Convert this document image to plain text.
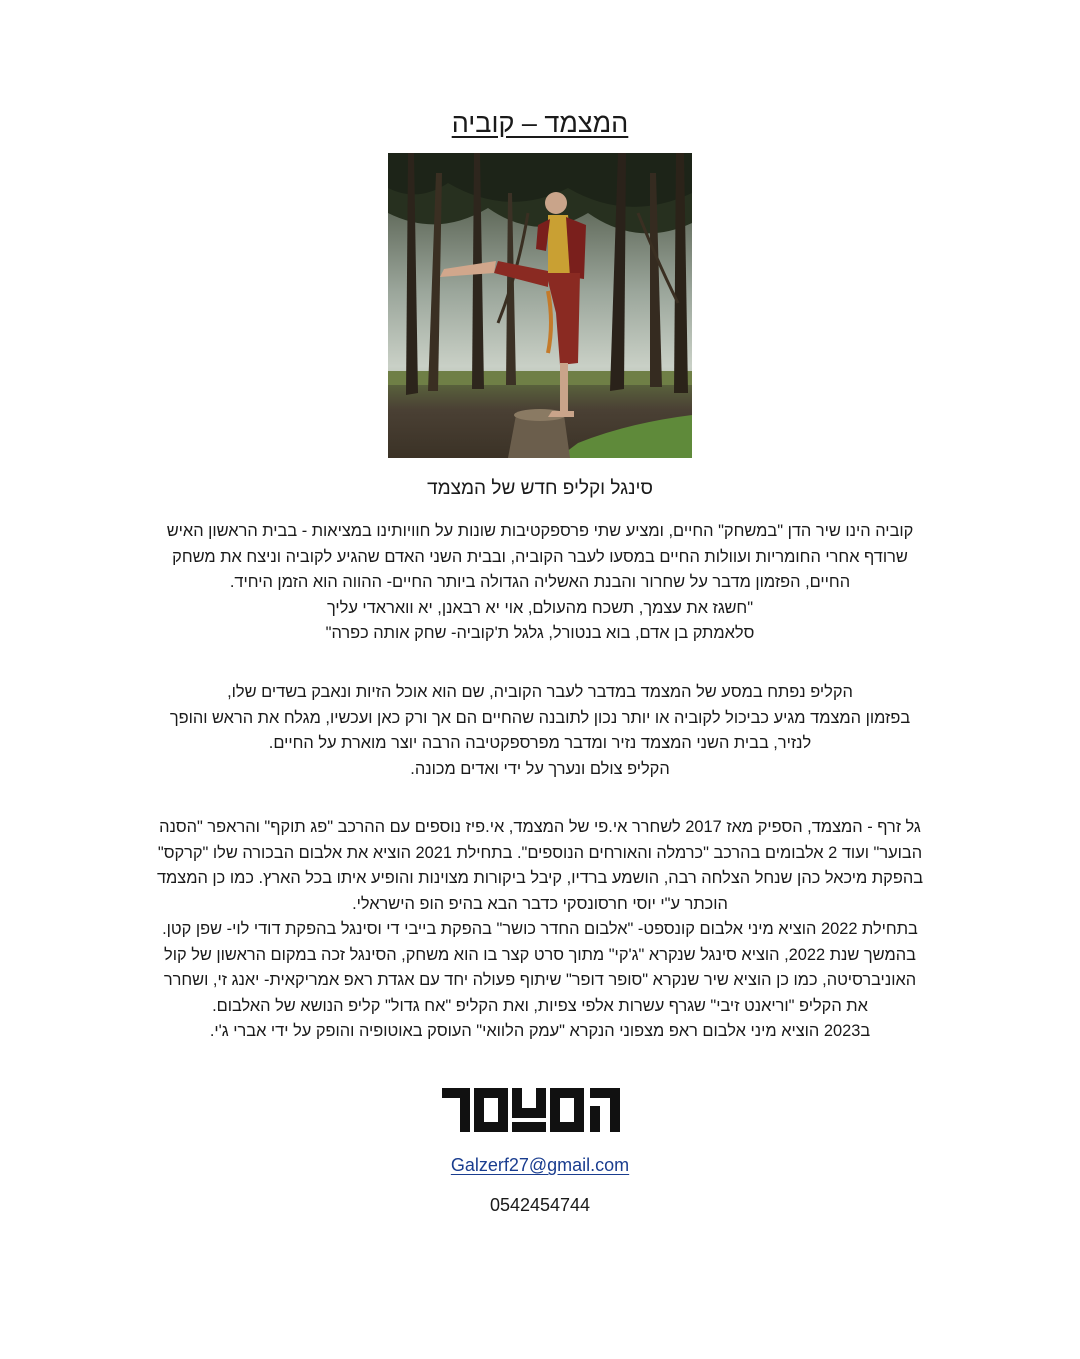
המצמד – קוביה
סינגל וקליפ חדש של המצמד
קוביה הינו שיר הדן "במשחק" החיים, ומציע שתי פרספקטיבות שונות על חוויותינו במציאות - בבית הראשון האיש
שרודף אחרי החומריות ועוולות החיים במסעו לעבר הקוביה, ובבית השני האדם שהגיע לקוביה וניצח את משחק
החיים, הפזמון מדבר על שחרור והבנת האשליה הגדולה ביותר החיים- ההווה הוא הזמן היחיד.
"חשגז את עצמך, תשכח מהעולם, אוי יא רבאנן, יא וואראדי עליך
סלאמתק בן אדם, בוא בנטורל, גלגל ת'קוביה- שחק אותה כפרה"
הקליפ נפתח במסע של המצמד במדבר לעבר הקוביה, שם הוא אוכל הזיות ונאבק בשדים שלו,
בפזמון המצמד מגיע כביכול לקוביה או יותר נכון לתובנה שהחיים הם אך ורק כאן ועכשיו, מגלח את הראש והופך
לנזיר, בבית השני המצמד נזיר ומדבר מפרספקטיבה הרבה יוצר מוארת על החיים.
הקליפ צולם ונערך על ידי ואדים מכונה.
גל זרף - המצמד, הספיק מאז 2017 לשחרר אי.פי של המצמד, אי.פיז נוספים עם ההרכב "פג תוקף" והראפר "הסנה
הבוער" ועוד 2 אלבומים בהרכב "כרמלה והאורחים הנוספים". בתחילת 2021 הוציא את אלבום הבכורה שלו "קרקס"
בהפקת מיכאל כהן שנחל הצלחה רבה, הושמע ברדיו, קיבל ביקורות מצוינות והופיע איתו בכל הארץ. כמו כן המצמד
הוכתר ע"י יוסי חרסונסקי כדבר הבא בהיפ הופ הישראלי.
בתחילת 2022 הוציא מיני אלבום קונספט- "אלבום החדר כושר" בהפקת בייבי די וסינגל בהפקת דודי לוי- שפן קטן.
בהמשך שנת 2022, הוציא סינגל שנקרא "ג'קי" מתוך סרט קצר בו הוא משחק, הסינגל זכה במקום הראשון של קול
האוניברסיטה, כמו כן הוציא שיר שנקרא "סופר דופר" שיתוף פעולה יחד עם אגדת ראפ אמריקאית- יאנג זי, ושחרר
את הקליפ "וריאנט זיבי" שגרף עשרות אלפי צפיות, ואת הקליפ "אח גדול" קליפ הנושא של האלבום.
ב2023 הוציא מיני אלבום ראפ מצפוני הנקרא "עמק הלוואי" העוסק באוטופיה והופק על ידי אברי ג'י.
Galzerf27@gmail.com
0542454744
